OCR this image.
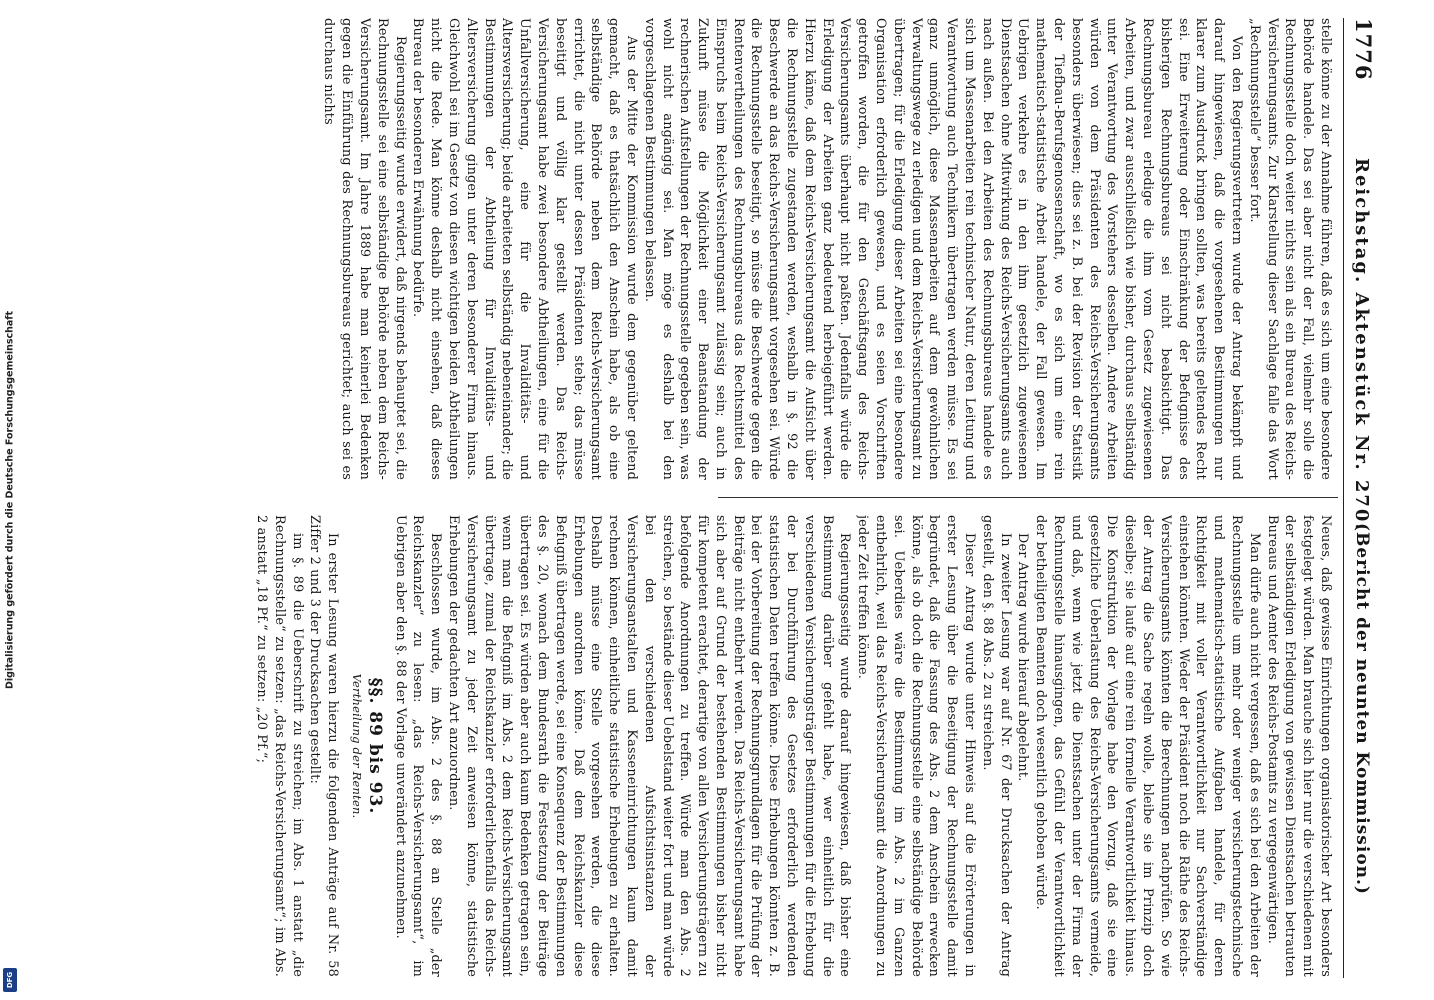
Digitalisierung gefördert durch die Deutsche Forschungsgemeinschaft
DFG
1776
Reichstag. Aktenstück Nr. 270.
(Bericht der neunten Kommission.)

stelle könne zu der Annahme führen, daß es sich um eine besondere Behörde handele. Das sei aber nicht der Fall, vielmehr solle die Rechnungsstelle doch weiter nichts sein als ein Bureau des Reichs-Versicherungsamts. Zur Klarstellung dieser Sachlage falle das Wort „Rechnungsstelle“ besser fort.

Von den Regierungsvertretern wurde der Antrag bekämpft und darauf hingewiesen, daß die vorgesehenen Bestimmungen nur klarer zum Ausdruck bringen sollten, was bereits geltendes Recht sei. Eine Erweiterung oder Einschränkung der Befugnisse des bisherigen Rechnungsbureaus sei nicht beabsichtigt. Das Rechnungsbureau erledige die ihm vom Gesetz zugewiesenen Arbeiten, und zwar ausschließlich wie bisher, durchaus selbständig unter Verantwortung des Vorstehers desselben. Andere Arbeiten würden von dem Präsidenten des Reichs-Versicherungsamts besonders überwiesen; dies sei z. B. bei der Revision der Statistik der Tiefbau-Berufsgenossenschaft, wo es sich um eine rein mathematisch-statistische Arbeit handele, der Fall gewesen. Im Uebrigen verkehre es in den ihm gesetzlich zugewiesenen Dienstsachen ohne Mitwirkung des Reichs-Versicherungsamts auch nach außen. Bei den Arbeiten des Rechnungsbureaus handele es sich um Massenarbeiten rein technischer Natur, deren Leitung und Verantwortung auch Technikern übertragen werden müsse. Es sei ganz unmöglich, diese Massenarbeiten auf dem gewöhnlichen Verwaltungswege zu erledigen und dem Reichs-Versicherungsamt zu übertragen; für die Erledigung dieser Arbeiten sei eine besondere Organisation erforderlich gewesen, und es seien Vorschriften getroffen worden, die für den Geschäftsgang des Reichs-Versicherungsamts überhaupt nicht paßten. Jedenfalls würde die Erledigung der Arbeiten ganz bedeutend herbeigeführt werden. Hierzu käme, daß dem Reichs-Versicherungsamt die Aufsicht über die Rechnungsstelle zugestanden werden, weshalb in §. 92 die Beschwerde an das Reichs-Versicherungsamt vorgesehen sei. Würde die Rechnungsstelle beseitigt, so müsse die Beschwerde gegen die Rentenvertheilungen des Rechnungsbureaus das Rechtsmittel des Einspruchs beim Reichs-Versicherungsamt zulässig sein; auch in Zukunft müsse die Möglichkeit einer Beanstandung der rechnerischen Aufstellungen der Rechnungsstelle gegeben sein, was wohl nicht angängig sei. Man möge es deshalb bei den vorgeschlagenen Bestimmungen belassen.

Aus der Mitte der Kommission wurde dem gegenüber geltend gemacht, daß es thatsächlich den Anschein habe, als ob eine selbständige Behörde neben dem Reichs-Versicherungsamt errichtet, die nicht unter dessen Präsidenten stehe; das müsse beseitigt und völlig klar gestellt werden. Das Reichs-Versicherungsamt habe zwei besondere Abtheilungen, eine für die Unfallversicherung, eine für die Invaliditäts- und Altersversicherung; beide arbeiteten selbständig nebeneinander; die Bestimmungen der Abtheilung für Invaliditäts- und Altersversicherung gingen unter deren besonderer Firma hinaus. Gleichwohl sei im Gesetz von diesen wichtigen beiden Abtheilungen nicht die Rede. Man könne deshalb nicht einsehen, daß dieses Bureau der besonderen Erwähnung bedürfe.

Regierungsseitig wurde erwidert, daß nirgends behauptet sei, die Rechnungsstelle sei eine selbständige Behörde neben dem Reichs-Versicherungsamt. Im Jahre 1889 habe man keinerlei Bedenken gegen die Einführung des Rechnungsbureaus gerichtet; auch sei es durchaus nichts

Neues, daß gewisse Einrichtungen organisatorischer Art besonders festgelegt würden. Man brauche sich hier nur die verschiedenen mit der selbständigen Erledigung von gewissen Dienstsachen betrauten Bureaus und Aemter des Reichs-Postamts zu vergegenwärtigen.

Man dürfe auch nicht vergessen, daß es sich bei den Arbeiten der Rechnungsstelle um mehr oder weniger versicherungstechnische und mathematisch-statistische Aufgaben handele, für deren Richtigkeit mit voller Verantwortlichkeit nur Sachverständige einstehen könnten. Weder der Präsident noch die Räthe des Reichs-Versicherungsamts könnten die Berechnungen nachprüfen. So wie der Antrag die Sache regeln wolle, bleibe sie im Prinzip doch dieselbe; sie laufe auf eine rein formelle Verantwortlichkeit hinaus. Die Konstruktion der Vorlage habe den Vorzug, daß sie eine gesetzliche Ueberlastung des Reichs-Versicherungsamts vermeide, und daß, wenn wie jetzt die Dienstsachen unter der Firma der Rechnungsstelle hinausgingen, das Gefühl der Verantwortlichkeit der betheiligten Beamten doch wesentlich gehoben würde.

Der Antrag wurde hierauf abgelehnt.

In zweiter Lesung war auf Nr. 67 der Drucksachen der Antrag gestellt, den §. 88 Abs. 2 zu streichen.

Dieser Antrag wurde unter Hinweis auf die Erörterungen in erster Lesung über die Beseitigung der Rechnungsstelle damit begründet, daß die Fassung des Abs. 2 dem Anschein erwecken könne, als ob doch die Rechnungsstelle eine selbständige Behörde sei. Ueberdies wäre die Bestimmung im Abs. 2 im Ganzen entbehrlich, weil das Reichs-Versicherungsamt die Anordnungen zu jeder Zeit treffen könne.

Regierungsseitig wurde darauf hingewiesen, daß bisher eine Bestimmung darüber gefehlt habe, wer einheitlich für die verschiedenen Versicherungsträger Bestimmungen für die Erhebung der bei Durchführung des Gesetzes erforderlich werdenden statistischen Daten treffen könne. Diese Erhebungen könnten z. B. bei der Vorbereitung der Rechnungsgrundlagen für die Prüfung der Beiträge nicht entbehrt werden. Das Reichs-Versicherungsamt habe sich aber auf Grund der bestehenden Bestimmungen bisher nicht für kompetent erachtet, derartige von allen Versicherungsträgern zu befolgende Anordnungen zu treffen. Würde man den Abs. 2 streichen, so bestände dieser Uebelstand weiter fort und man würde bei den verschiedenen Aufsichtsinstanzen der Versicherungsanstalten und Kasseneinrichtungen kaum damit rechnen können, einheitliche statistische Erhebungen zu erhalten. Deshalb müsse eine Stelle vorgesehen werden, die diese Erhebungen anordnen könne. Daß dem Reichskanzler diese Befugniß übertragen werde, sei eine Konsequenz der Bestimmungen des §. 20, wonach dem Bundesrath die Festsetzung der Beiträge übertragen sei. Es würden aber auch kaum Bedenken getragen sein, wenn man die Befugniß im Abs. 2 dem Reichs-Versicherungsamt übertrage, zumal der Reichskanzler erforderlichenfalls das Reichs-Versicherungsamt zu jeder Zeit anweisen könne, statistische Erhebungen der gedachten Art anzuordnen.

Beschlossen wurde, im Abs. 2 des §. 88 an Stelle „der Reichskanzler“ zu lesen: „das Reichs-Versicherungsamt“, im Uebrigen aber den §. 88 der Vorlage unverändert anzunehmen.

§§. 89 bis 93.
Vertheilung der Renten.

In erster Lesung waren hierzu die folgenden Anträge auf Nr. 58 Ziffer 2 und 3 der Drucksachen gestellt:

im §. 89 die Ueberschrift zu streichen; im Abs. 1 anstatt „die Rechnungsstelle“ zu setzen: „das Reichs-Versicherungsamt“; im Abs. 2 anstatt „18 Pf.“ zu setzen: „20 Pf.“;
